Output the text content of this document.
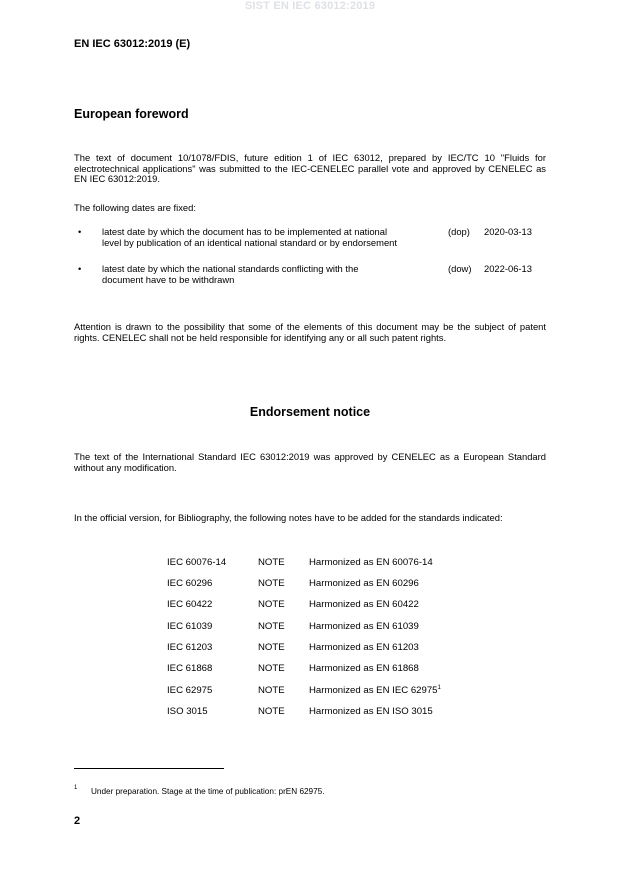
SIST EN IEC 63012:2019
EN IEC 63012:2019 (E)
European foreword
The text of document 10/1078/FDIS, future edition 1 of IEC 63012, prepared by IEC/TC 10 "Fluids for electrotechnical applications" was submitted to the IEC-CENELEC parallel vote and approved by CENELEC as EN IEC 63012:2019.
The following dates are fixed:
• latest date by which the document has to be implemented at national
level by publication of an identical national standard or by endorsement
(dop) 2020-03-13
• latest date by which the national standards conflicting with the
document have to be withdrawn
(dow) 2022-06-13
Attention is drawn to the possibility that some of the elements of this document may be the subject of patent rights. CENELEC shall not be held responsible for identifying any or all such patent rights.
Endorsement notice
The text of the International Standard IEC 63012:2019 was approved by CENELEC as a European Standard without any modification.
In the official version, for Bibliography, the following notes have to be added for the standards indicated:
IEC 60076-14	NOTE	Harmonized as EN 60076-14
IEC 60296	NOTE	Harmonized as EN 60296
IEC 60422	NOTE	Harmonized as EN 60422
IEC 61039	NOTE	Harmonized as EN 61039
IEC 61203	NOTE	Harmonized as EN 61203
IEC 61868	NOTE	Harmonized as EN 61868
IEC 62975	NOTE	Harmonized as EN IEC 62975$^1$
ISO 3015	NOTE	Harmonized as EN ISO 3015
1 Under preparation. Stage at the time of publication: prEN 62975.
2
